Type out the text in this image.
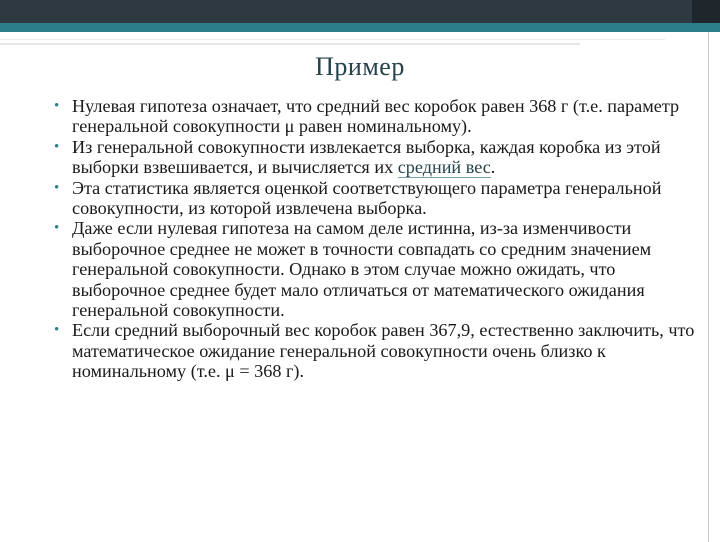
Пример
• Нулевая гипотеза означает, что средний вес коробок равен 368 г (т.е. параметр генеральной совокупности μ равен номинальному).
• Из генеральной совокупности извлекается выборка, каждая коробка из этой выборки взвешивается, и вычисляется их средний вес.
• Эта статистика является оценкой соответствующего параметра генеральной совокупности, из которой извлечена выборка.
• Даже если нулевая гипотеза на самом деле истинна, из-за изменчивости выборочное среднее не может в точности совпадать со средним значением генеральной совокупности. Однако в этом случае можно ожидать, что выборочное среднее будет мало отличаться от математического ожидания генеральной совокупности.
• Если средний выборочный вес коробок равен 367,9, естественно заключить, что математическое ожидание генеральной совокупности очень близко к номинальному (т.е. μ = 368 г).
